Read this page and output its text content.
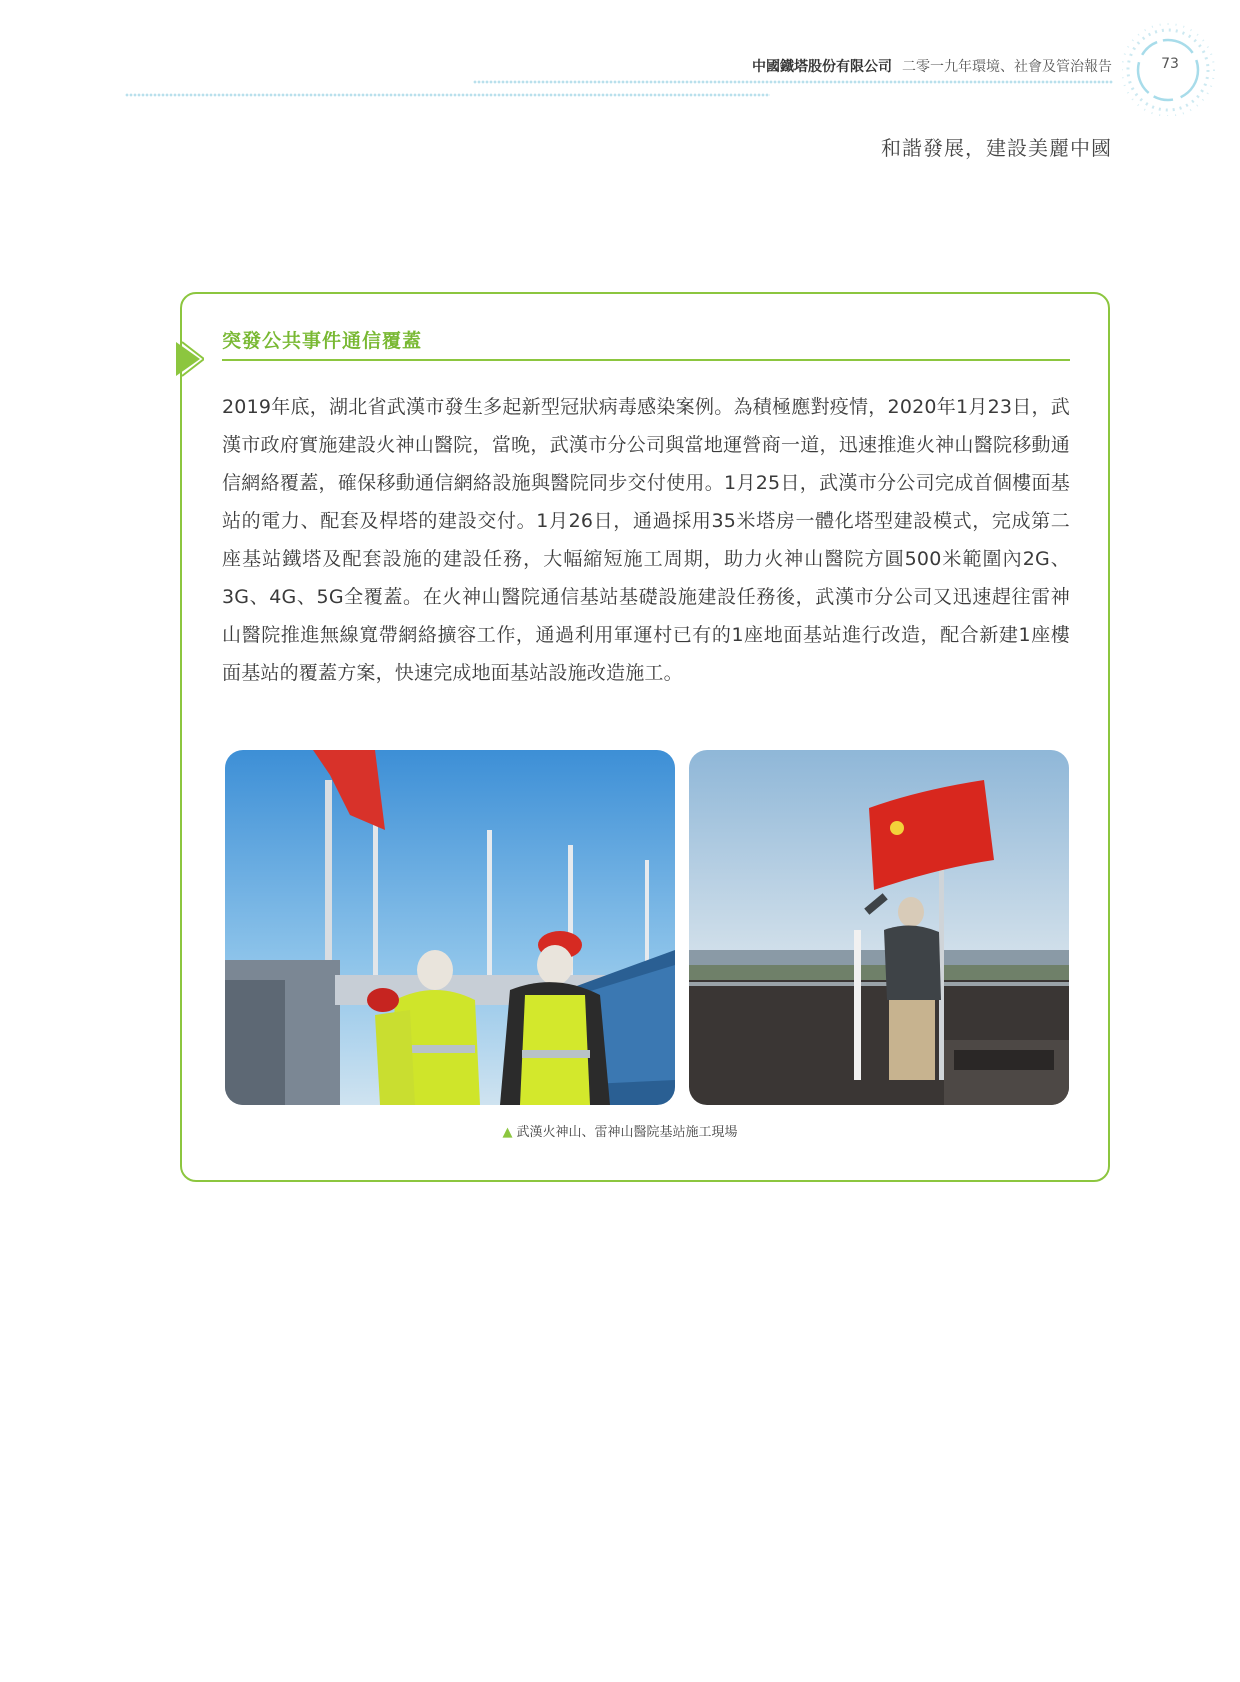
中國鐵塔股份有限公司 二零一九年環境、社會及管治報告	73
和諧發展，建設美麗中國
突發公共事件通信覆蓋
2019年底，湖北省武漢市發生多起新型冠狀病毒感染案例。為積極應對疫情，2020年1月23日，武漢市政府實施建設火神山醫院，當晚，武漢市分公司與當地運營商一道，迅速推進火神山醫院移動通信網絡覆蓋，確保移動通信網絡設施與醫院同步交付使用。1月25日，武漢市分公司完成首個樓面基站的電力、配套及桿塔的建設交付。1月26日，通過採用35米塔房一體化塔型建設模式，完成第二座基站鐵塔及配套設施的建設任務，大幅縮短施工周期，助力火神山醫院方圓500米範圍內2G、3G、4G、5G全覆蓋。在火神山醫院通信基站基礎設施建設任務後，武漢市分公司又迅速趕往雷神山醫院推進無線寬帶網絡擴容工作，通過利用軍運村已有的1座地面基站進行改造，配合新建1座樓面基站的覆蓋方案，快速完成地面基站設施改造施工。
▲ 武漢火神山、雷神山醫院基站施工現場
